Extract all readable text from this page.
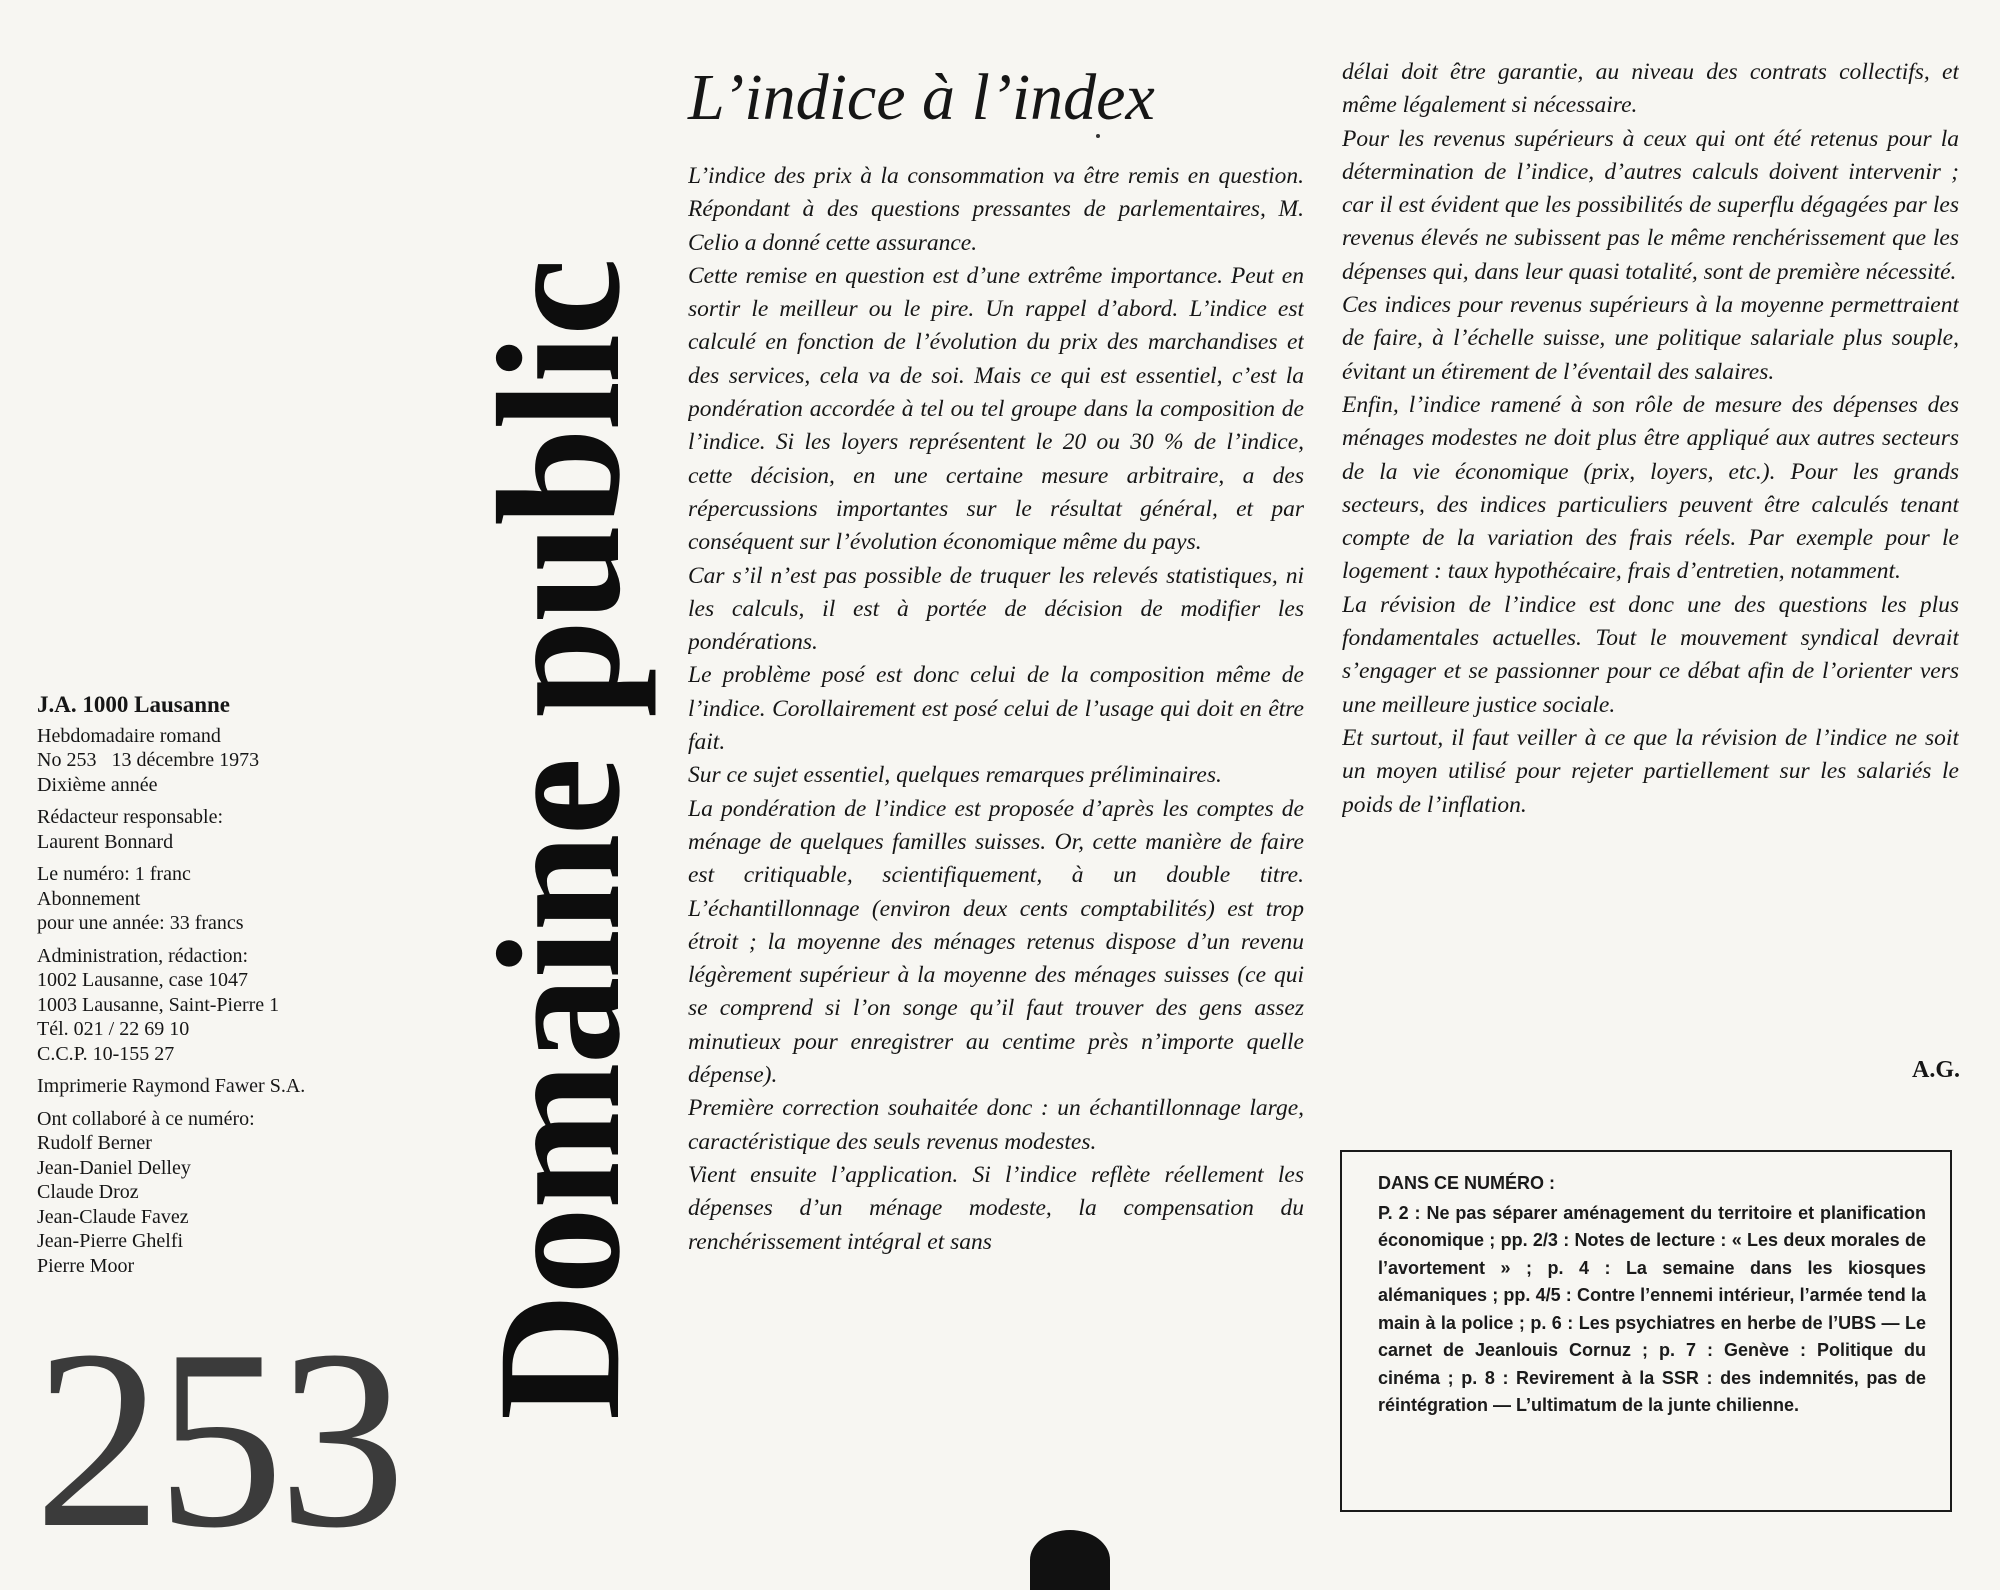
J.A. 1000 Lausanne
Hebdomadaire romand
No 253   13 décembre 1973
Dixième année
Rédacteur responsable:
Laurent Bonnard
Le numéro: 1 franc
Abonnement
pour une année: 33 francs
Administration, rédaction:
1002 Lausanne, case 1047
1003 Lausanne, Saint-Pierre 1
Tél. 021 / 22 69 10
C.C.P. 10-155 27
Imprimerie Raymond Fawer S.A.
Ont collaboré à ce numéro:
Rudolf Berner
Jean-Daniel Delley
Claude Droz
Jean-Claude Favez
Jean-Pierre Ghelfi
Pierre Moor
253
Domaine public
L’indice à l’index

L’indice des prix à la consommation va être remis en question. Répondant à des questions pressantes de parlementaires, M. Celio a donné cette assurance.

Cette remise en question est d’une extrême importance. Peut en sortir le meilleur ou le pire. Un rappel d’abord. L’indice est calculé en fonction de l’évolution du prix des marchandises et des services, cela va de soi. Mais ce qui est essentiel, c’est la pondération accordée à tel ou tel groupe dans la composition de l’indice. Si les loyers représentent le 20 ou 30 % de l’indice, cette décision, en une certaine mesure arbitraire, a des répercussions importantes sur le résultat général, et par conséquent sur l’évolution économique même du pays.

Car s’il n’est pas possible de truquer les relevés statistiques, ni les calculs, il est à portée de décision de modifier les pondérations.

Le problème posé est donc celui de la composition même de l’indice. Corollairement est posé celui de l’usage qui doit en être fait.

Sur ce sujet essentiel, quelques remarques préliminaires.

La pondération de l’indice est proposée d’après les comptes de ménage de quelques familles suisses. Or, cette manière de faire est critiquable, scientifiquement, à un double titre. L’échantillonnage (environ deux cents comptabilités) est trop étroit ; la moyenne des ménages retenus dispose d’un revenu légèrement supérieur à la moyenne des ménages suisses (ce qui se comprend si l’on songe qu’il faut trouver des gens assez minutieux pour enregistrer au centime près n’importe quelle dépense).

Première correction souhaitée donc : un échantillonnage large, caractéristique des seuls revenus modestes.

Vient ensuite l’application. Si l’indice reflète réellement les dépenses d’un ménage modeste, la compensation du renchérissement intégral et sans

délai doit être garantie, au niveau des contrats collectifs, et même légalement si nécessaire.

Pour les revenus supérieurs à ceux qui ont été retenus pour la détermination de l’indice, d’autres calculs doivent intervenir ; car il est évident que les possibilités de superflu dégagées par les revenus élevés ne subissent pas le même renchérissement que les dépenses qui, dans leur quasi totalité, sont de première nécessité.

Ces indices pour revenus supérieurs à la moyenne permettraient de faire, à l’échelle suisse, une politique salariale plus souple, évitant un étirement de l’éventail des salaires.

Enfin, l’indice ramené à son rôle de mesure des dépenses des ménages modestes ne doit plus être appliqué aux autres secteurs de la vie économique (prix, loyers, etc.). Pour les grands secteurs, des indices particuliers peuvent être calculés tenant compte de la variation des frais réels. Par exemple pour le logement : taux hypothécaire, frais d’entretien, notamment.

La révision de l’indice est donc une des questions les plus fondamentales actuelles. Tout le mouvement syndical devrait s’engager et se passionner pour ce débat afin de l’orienter vers une meilleure justice sociale.

Et surtout, il faut veiller à ce que la révision de l’indice ne soit un moyen utilisé pour rejeter partiellement sur les salariés le poids de l’inflation.

A.G.
DANS CE NUMÉRO :
P. 2 : Ne pas séparer aménagement du territoire et planification économique ; pp. 2/3 : Notes de lecture : « Les deux morales de l’avortement » ; p. 4 : La semaine dans les kiosques alémaniques ; pp. 4/5 : Contre l’ennemi intérieur, l’armée tend la main à la police ; p. 6 : Les psychiatres en herbe de l’UBS — Le carnet de Jeanlouis Cornuz ; p. 7 : Genève : Politique du cinéma ; p. 8 : Revirement à la SSR : des indemnités, pas de réintégration — L’ultimatum de la junte chilienne.
